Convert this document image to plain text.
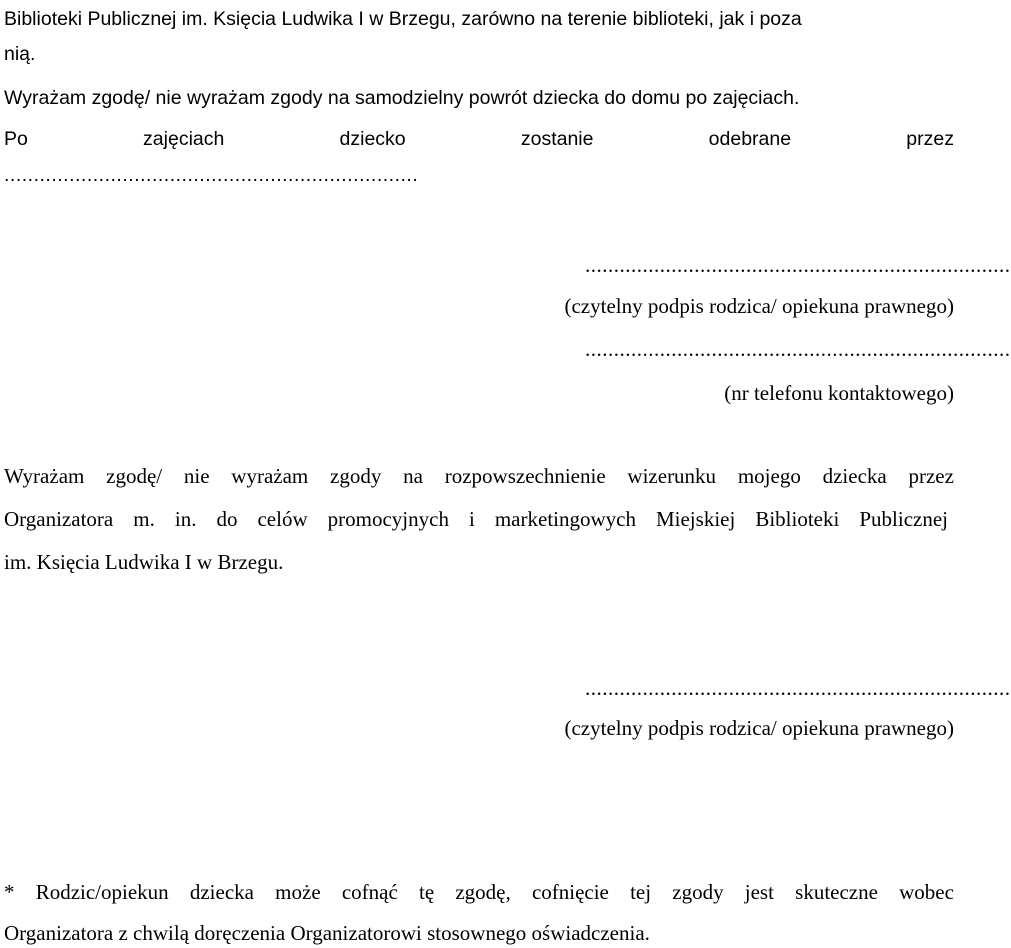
Biblioteki Publicznej im. Księcia Ludwika I w Brzegu, zarówno na terenie biblioteki, jak i poza
nią.
Wyrażam zgodę/ nie wyrażam zgody na samodzielny powrót dziecka do domu po zajęciach.
Po	zajęciach	dziecko	zostanie	odebrane	przez
......................................................................
..........................................................................
(czytelny podpis rodzica/ opiekuna prawnego)
..........................................................................
(nr telefonu kontaktowego)
Wyrażam zgodę/ nie wyrażam zgody na rozpowszechnienie wizerunku mojego dziecka przez
Organizatora m. in. do celów promocyjnych i marketingowych Miejskiej Biblioteki Publicznej
im. Księcia Ludwika I w Brzegu.
..........................................................................
(czytelny podpis rodzica/ opiekuna prawnego)
* Rodzic/opiekun dziecka może cofnąć tę zgodę, cofnięcie tej zgody jest skuteczne wobec
Organizatora z chwilą doręczenia Organizatorowi stosownego oświadczenia.
